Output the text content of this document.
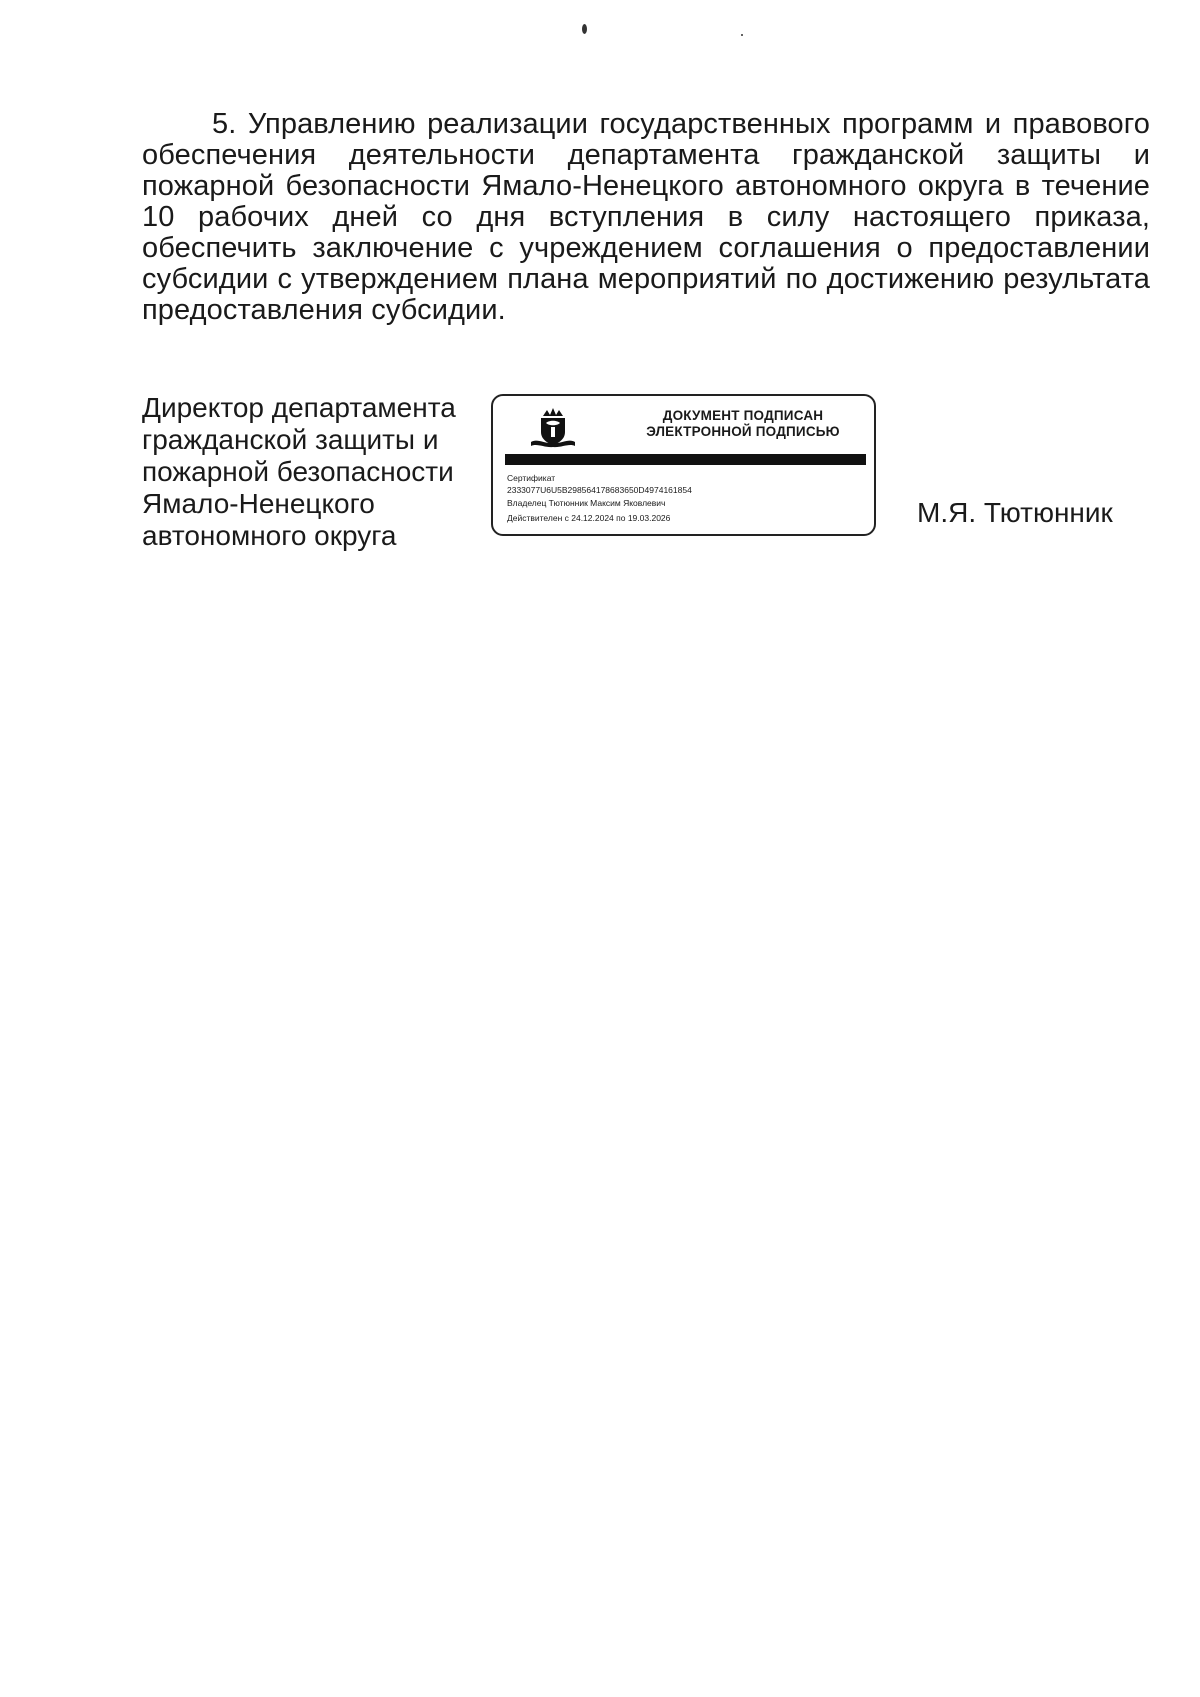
5. Управлению реализации государственных программ и правового обеспечения деятельности департамента гражданской защиты и пожарной безопасности Ямало-Ненецкого автономного округа в течение 10 рабочих дней со дня вступления в силу настоящего приказа, обеспечить заключение с учреждением соглашения о предоставлении субсидии с утверждением плана мероприятий по достижению результата предоставления субсидии.

Директор департамента
гражданской защиты и
пожарной безопасности
Ямало-Ненецкого
автономного округа
ДОКУМЕНТ ПОДПИСАН
ЭЛЕКТРОННОЙ ПОДПИСЬЮ
Сертификат
2333077U6U5B298564178683650D4974161854
Владелец Тютюнник Максим Яковлевич
Действителен с 24.12.2024 по 19.03.2026	М.Я. Тютюнник
